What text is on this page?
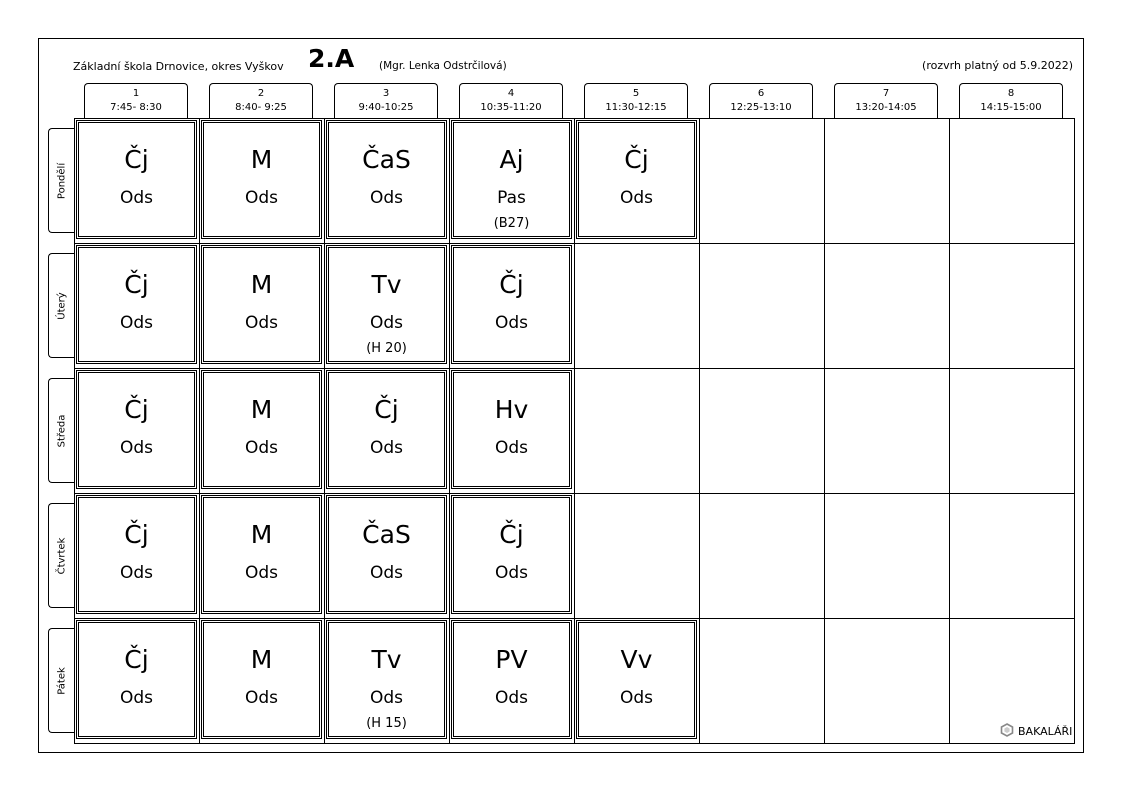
Základní škola Drnovice, okres Vyškov 2.A (Mgr. Lenka Odstrčilová)	(rozvrh platný od 5.9.2022)
1
7:45- 8:30
2
8:40- 9:25
3
9:40-10:25
4
10:35-11:20
5
11:30-12:15
6
12:25-13:10
7
13:20-14:05
8
14:15-15:00
Pondělí
Úterý
Středa
Čtvrtek
Pátek
Čj
Ods
M
Ods
ČaS
Ods
Aj
Pas
(B27)
Čj
Ods
Čj
Ods
M
Ods
Tv
Ods
(H 20)
Čj
Ods
Čj
Ods
M
Ods
Čj
Ods
Hv
Ods
Čj
Ods
M
Ods
ČaS
Ods
Čj
Ods
Čj
Ods
M
Ods
Tv
Ods
(H 15)
PV
Ods
Vv
Ods
BAKALÁŘI
